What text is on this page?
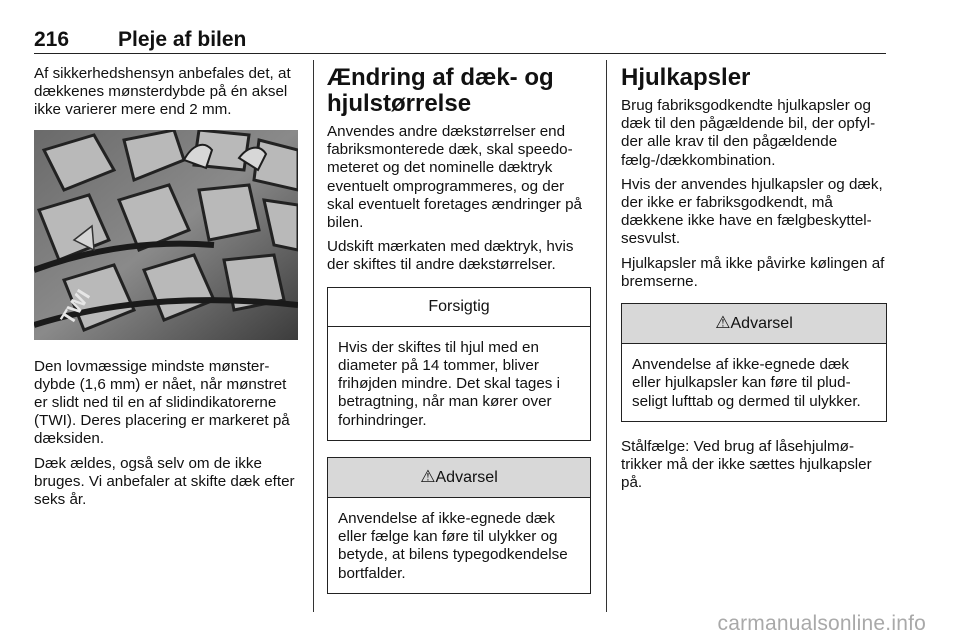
216 Pleje af bilen

Af sikkerhedshensyn anbefales det, at dækkenes mønsterdybde på én aksel ikke varierer mere end 2 mm.

TWI

Den lovmæssige mindste mønsterdybde (1,6 mm) er nået, når mønstret er slidt ned til en af slidindikatorerne (TWI). Deres placering er markeret på dæksiden.

Dæk ældes, også selv om de ikke bruges. Vi anbefaler at skifte dæk efter seks år.

Ændring af dæk- og hjulstørrelse

Anvendes andre dækstørrelser end fabriksmonterede dæk, skal speedometeret og det nominelle dæktryk eventuelt omprogrammeres, og der skal eventuelt foretages ændringer på bilen.

Udskift mærkaten med dæktryk, hvis der skiftes til andre dækstørrelser.

Forsigtig
Hvis der skiftes til hjul med en diameter på 14 tommer, bliver frihøjden mindre. Det skal tages i betragtning, når man kører over forhindringer.
⚠Advarsel
Anvendelse af ikke-egnede dæk eller fælge kan føre til ulykker og betyde, at bilens typegodkendelse bortfalder.
Hjulkapsler

Brug fabriksgodkendte hjulkapsler og dæk til den pågældende bil, der opfylder alle krav til den pågældende fælg-/dækkombination.

Hvis der anvendes hjulkapsler og dæk, der ikke er fabriksgodkendt, må dækkene ikke have en fælgbeskyttelsesvulst.

Hjulkapsler må ikke påvirke kølingen af bremserne.

⚠Advarsel
Anvendelse af ikke-egnede dæk eller hjulkapsler kan føre til pludseligt lufttab og dermed til ulykker.

Stålfælge: Ved brug af låsehjulmøtrikker må der ikke sættes hjulkapsler på.

carmanualsonline.info
